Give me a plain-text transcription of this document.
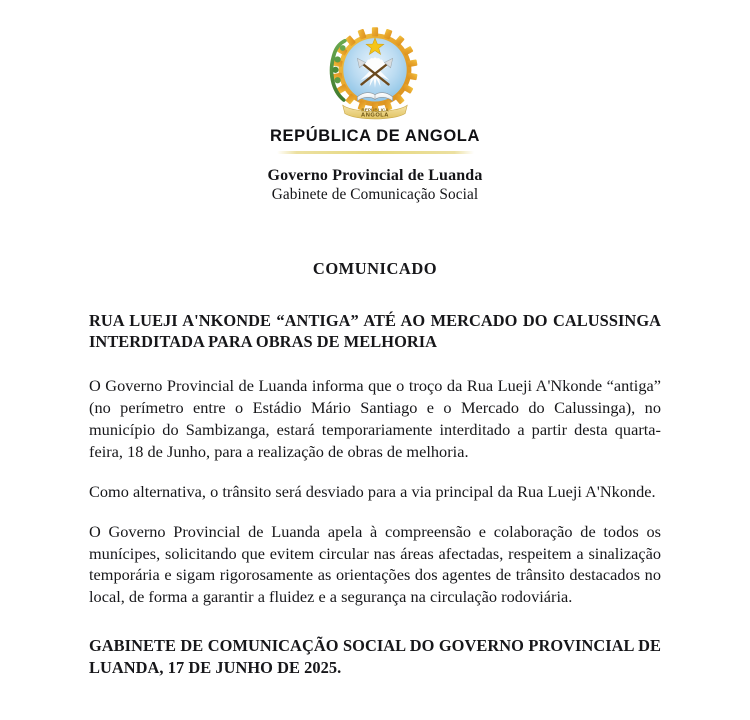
REPÚBLICA
ANGOLA
REPÚBLICA DE ANGOLA
Governo Provincial de Luanda
Gabinete de Comunicação Social
COMUNICADO
RUA LUEJI A'NKONDE “ANTIGA” ATÉ AO MERCADO DO CALUSSINGA INTERDITADA PARA OBRAS DE MELHORIA

O Governo Provincial de Luanda informa que o troço da Rua Lueji A'Nkonde “antiga” (no perímetro entre o Estádio Mário Santiago e o Mercado do Calussinga), no município do Sambizanga, estará temporariamente interditado a partir desta quarta-feira, 18 de Junho, para a realização de obras de melhoria.

Como alternativa, o trânsito será desviado para a via principal da Rua Lueji A'Nkonde.

O Governo Provincial de Luanda apela à compreensão e colaboração de todos os munícipes, solicitando que evitem circular nas áreas afectadas, respeitem a sinalização temporária e sigam rigorosamente as orientações dos agentes de trânsito destacados no local, de forma a garantir a fluidez e a segurança na circulação rodoviária.

GABINETE DE COMUNICAÇÃO SOCIAL DO GOVERNO PROVINCIAL DE LUANDA, 17 DE JUNHO DE 2025.
